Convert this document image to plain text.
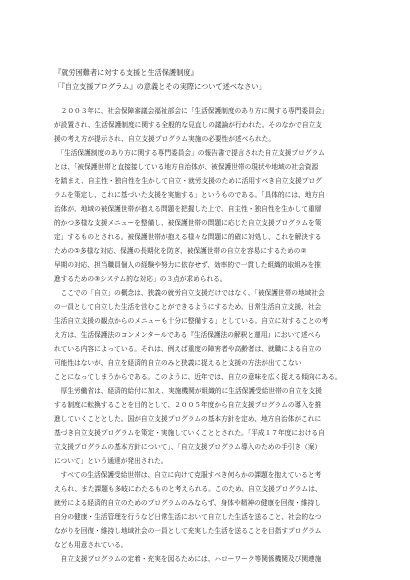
『就労困難者に対する支援と生活保護制度』
「『自立支援プログラム』の意義とその実際について述べなさい」

　２００３年に、社会保障審議会福祉部会に「生活保護制度のあり方に関する専門委員会」
が設置され、生活保護制度に関する全般的な見直しの議論が行われた。そのなかで自立支
援の考え方が提示され、自立支援プログラム実施の必要性が述べられた。

　「生活保護制度のあり方に関する専門委員会」の報告書で提言された自立支援プログラム
とは、「被保護世帯と直接接している地方自治体が、被保護世帯の現状や地域の社会資源
を踏まえ、自主性・独自性を生かして自立・就労支援のために活用すべき自立支援プログ
ラムを策定し、これに基づいた支援を実施する」というものである。「具体的には、地方自
治体が、地域の被保護世帯が抱える問題を把握した上で、自主性・独自性を生かして重層
的かつ多様な支援メニューを整備し、被保護世帯の問題に応じた自立支援プログラムを策
定」するものとされる。被保護世帯が抱える様々な問題に的確に対処し、これを解決する
ための①多様な対応、保護の長期化を防ぎ、被保護世帯の自立を容易にするための②
早期の対応、担当職員個人の経験や努力に依存せず、効率的で一貫した組織的取組みを推
進するための③システム的な対応」の３点が求められる。

　ここでの「自立」の概念は、狭義の就労自立支援だけではなく、「被保護世帯の地域社会
の一員として自立した生活を営むことができるようにするため、日常生活自立支援、社会
生活自立支援の観点からのメニューも十分に整備する」としている。自立に対することの考
え方は、生活保護法のコンメンタールである『生活保護法の解釈と運用』において述べら
れている内容によっている。それは、例えば重度の障害者や高齢者は、就職による自立の
可能性はないが、自立を経済的自立のみと狭義に捉えると支援の方法が出てこない
ことになってしまうからである。このように、近年では、自立の意味を広く捉える傾向にある。

　厚生労働省は、経済的給付に加え、実施機関が組織的に生活保護受給世帯の自立を支援
する制度に転換することを目的として、２００５年度から自立支援プログラムの導入を推
進していくこととした。国が自立支援プログラムの基本方針を定め、地方自治体がこれに
基づき自立支援プログラムを策定・実施していくこととされた。「平成１７年度における自
立支援プログラムの基本方針について」、「自立支援プログラム導入のための手引き（案）
について」という通達が発出された。

　すべての生活保護受給世帯は、自立に向けて克服すべき何らかの課題を抱えていると考
えられ、また課題も多岐にわたるものと考えられる。このため、自立支援プログラムは、
就労による経済的自立のためのプログラムのみならず、身体や精神の健康を回復・維持し
自分の健康・生活管理を行うなど日常生活において自立した生活を送ること、社会的なつ
ながりを回復・維持し地域社会の一員として充実した生活を送ることを目指すプログラム
なども用意されている。

　自立支援プログラムの定着・充実を図るためには、ハローワーク等関係機関及び関連施
